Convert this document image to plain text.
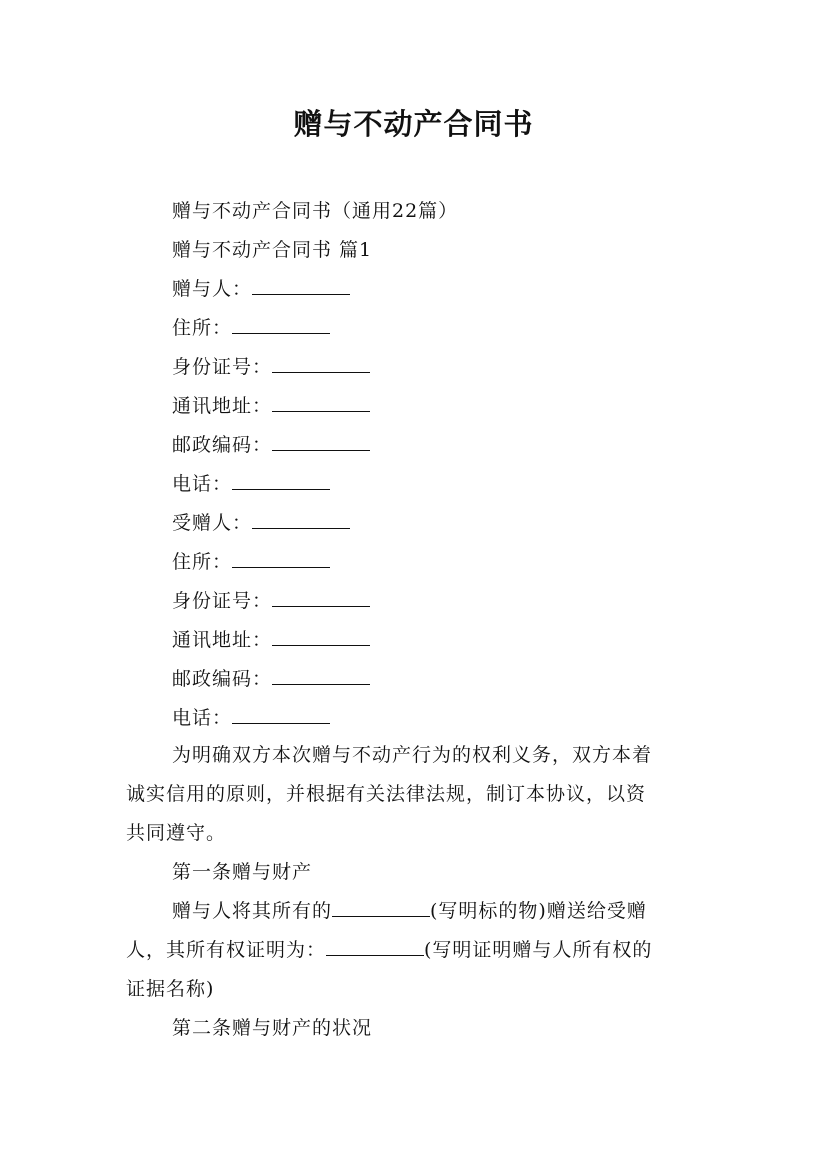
赠与不动产合同书
赠与不动产合同书（通用22篇）
赠与不动产合同书 篇1
赠与人：
住所：
身份证号：
通讯地址：
邮政编码：
电话：
受赠人：
住所：
身份证号：
通讯地址：
邮政编码：
电话：
为明确双方本次赠与不动产行为的权利义务，双方本着
诚实信用的原则，并根据有关法律法规，制订本协议，以资
共同遵守。
第一条赠与财产
赠与人将其所有的	(写明标的物)赠送给受赠
人，其所有权证明为：	(写明证明赠与人所有权的
证据名称)
第二条赠与财产的状况
